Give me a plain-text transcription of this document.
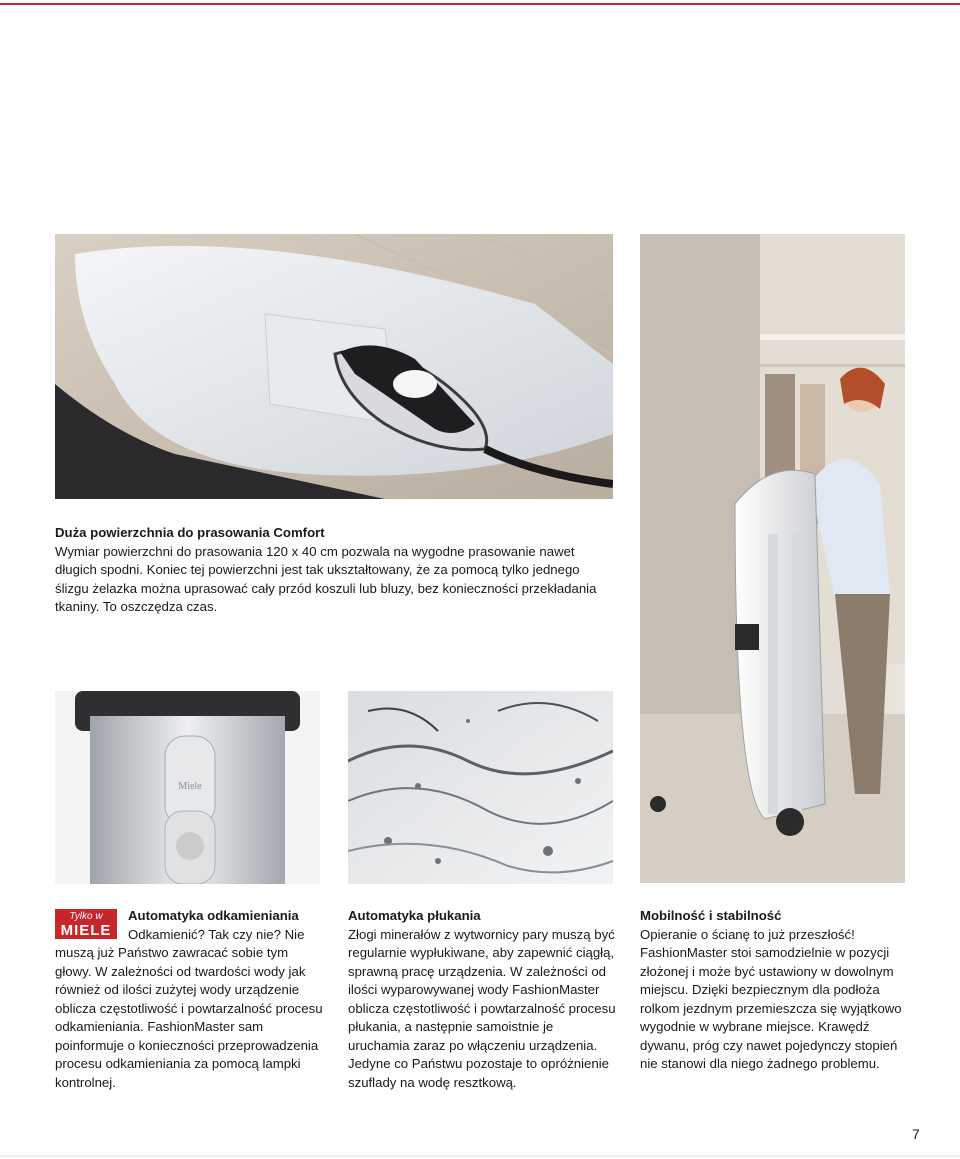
Miele
Duża powierzchnia do prasowania Comfort
Wymiar powierzchni do prasowania 120 x 40 cm pozwala na wygodne prasowanie nawet długich spodni. Koniec tej powierzchni jest tak ukształtowany, że za pomocą tylko jednego ślizgu żelazka można uprasować cały przód koszuli lub bluzy, bez konieczności przekładania tkaniny. To oszczędza czas.
Tylko w
MIELE
Automatyka odkamieniania
Odkamienić? Tak czy nie? Nie muszą już Państwo zawracać sobie tym głowy. W zależności od twardości wody jak również od ilości zużytej wody urządzenie oblicza częstotliwość i powtarzalność procesu odkamieniania. FashionMaster sam poinformuje o konieczności przeprowadzenia procesu odkamieniania za pomocą lampki kontrolnej.
Automatyka płukania
Złogi minerałów z wytwornicy pary muszą być regularnie wypłukiwane, aby zapewnić ciągłą, sprawną pracę urządzenia. W zależności od ilości wyparowywanej wody FashionMaster oblicza częstotliwość i powtarzalność procesu płukania, a następnie samoistnie je uruchamia zaraz po włączeniu urządzenia. Jedyne co Państwu pozostaje to opróżnienie szuflady na wodę resztkową.
Mobilność i stabilność
Opieranie o ścianę to już przeszłość! FashionMaster stoi samodzielnie w pozycji złożonej i może być ustawiony w dowolnym miejscu. Dzięki bezpiecznym dla podłoża rolkom jezdnym przemieszcza się wyjątkowo wygodnie w wybrane miejsce. Krawędź dywanu, próg czy nawet pojedynczy stopień nie stanowi dla niego żadnego problemu.
7
